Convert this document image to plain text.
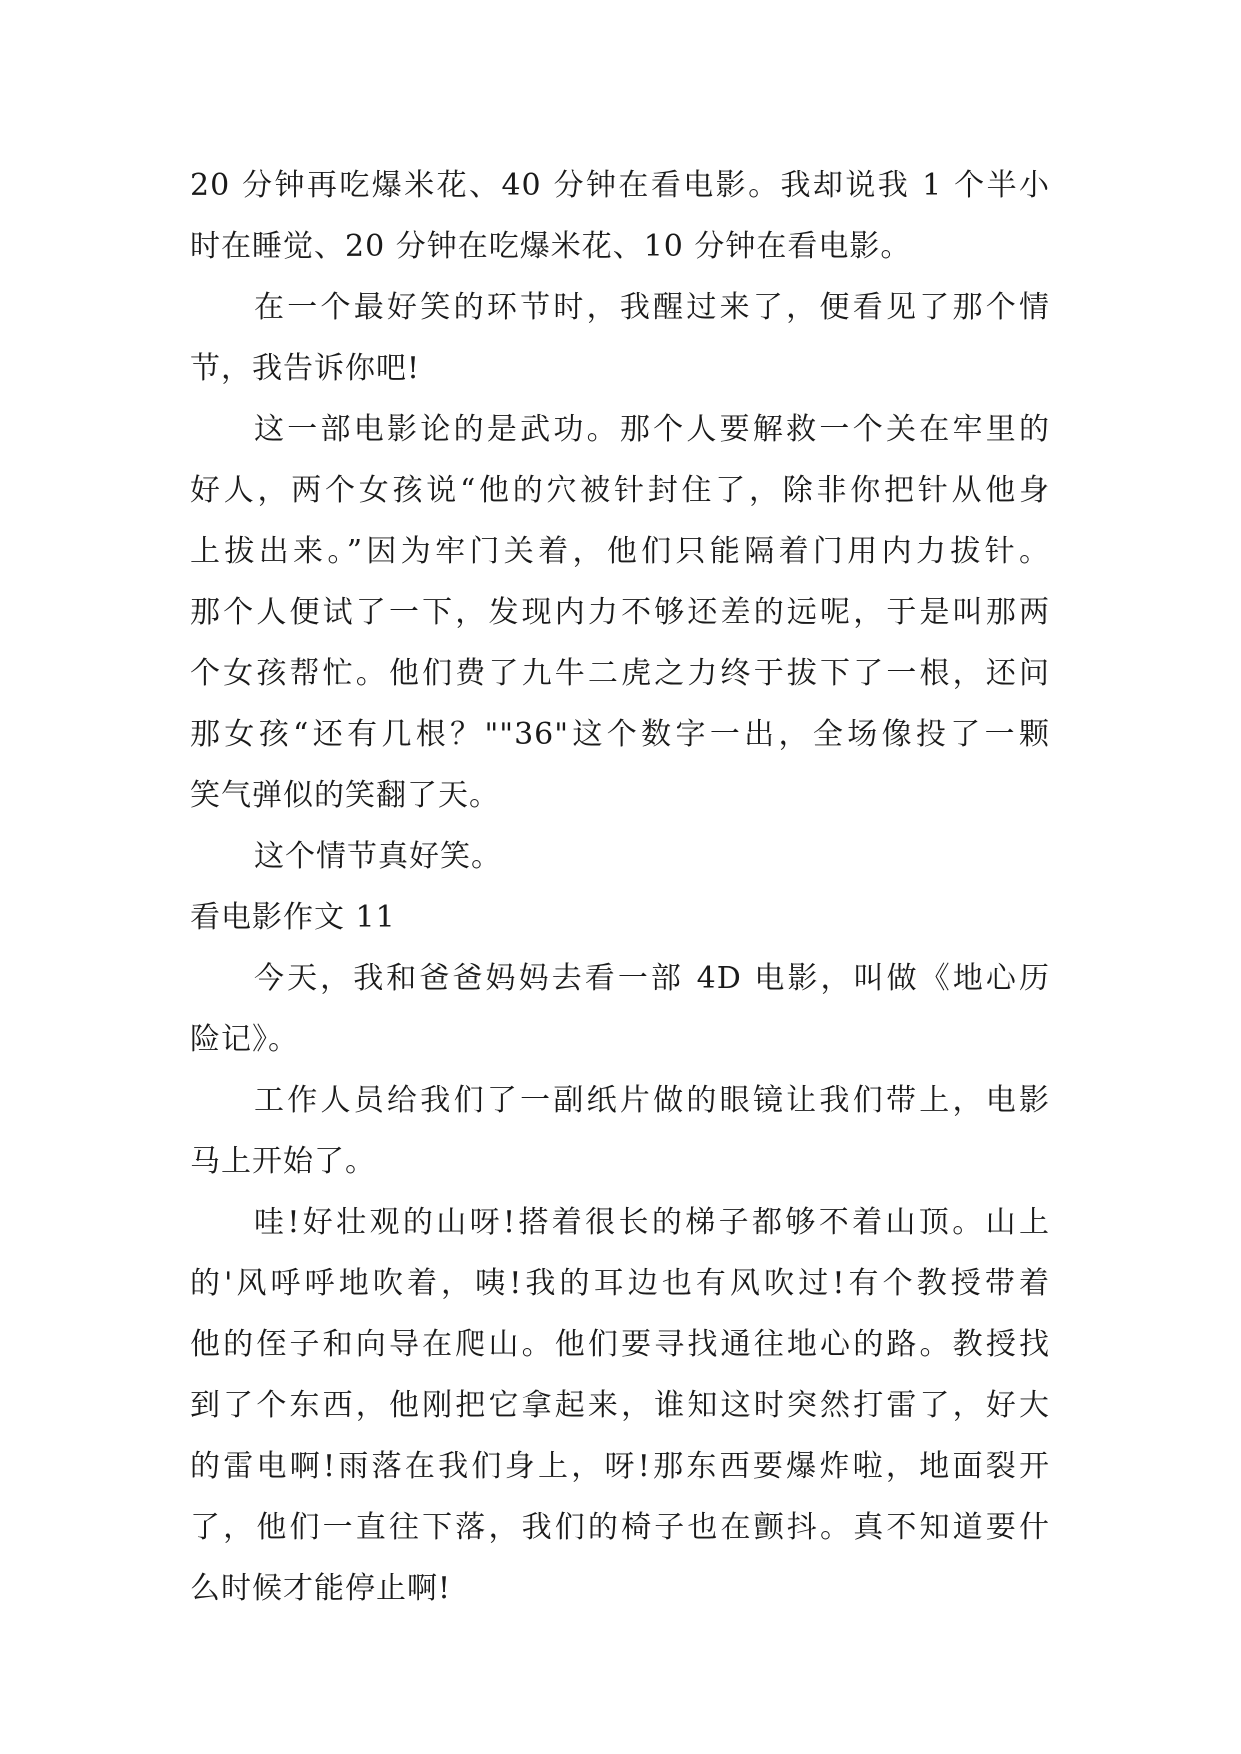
20 分钟再吃爆米花、40 分钟在看电影。我却说我 1 个半小
时在睡觉、20 分钟在吃爆米花、10 分钟在看电影。
在一个最好笑的环节时，我醒过来了，便看见了那个情
节，我告诉你吧!
这一部电影论的是武功。那个人要解救一个关在牢里的
好人，两个女孩说“他的穴被针封住了，除非你把针从他身
上拔出来。”因为牢门关着，他们只能隔着门用内力拔针。
那个人便试了一下，发现内力不够还差的远呢，于是叫那两
个女孩帮忙。他们费了九牛二虎之力终于拔下了一根，还问
那女孩“还有几根？""36"这个数字一出，全场像投了一颗
笑气弹似的笑翻了天。
这个情节真好笑。
看电影作文 11
今天，我和爸爸妈妈去看一部 4D 电影，叫做《地心历
险记》。
工作人员给我们了一副纸片做的眼镜让我们带上，电影
马上开始了。
哇!好壮观的山呀!搭着很长的梯子都够不着山顶。山上
的'风呼呼地吹着，咦!我的耳边也有风吹过!有个教授带着
他的侄子和向导在爬山。他们要寻找通往地心的路。教授找
到了个东西，他刚把它拿起来，谁知这时突然打雷了，好大
的雷电啊!雨落在我们身上，呀!那东西要爆炸啦，地面裂开
了，他们一直往下落，我们的椅子也在颤抖。真不知道要什
么时候才能停止啊!
